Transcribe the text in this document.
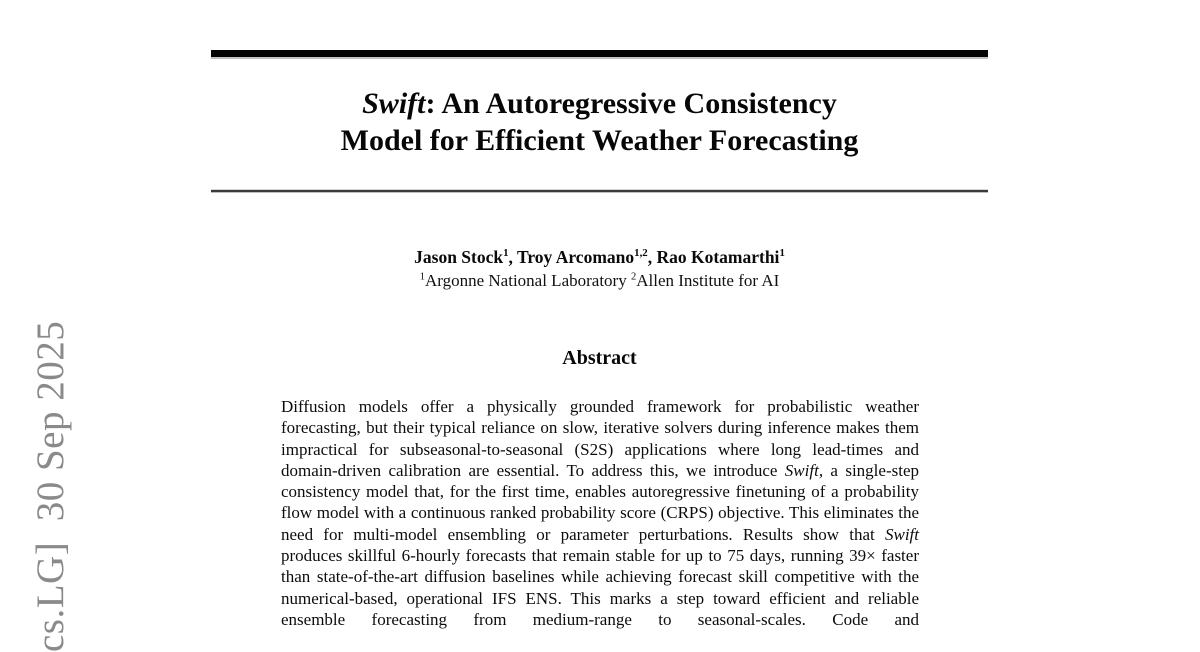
cs.LG]  30 Sep 2025
Swift: An Autoregressive Consistency
Model for Efficient Weather Forecasting
Jason Stock$^1$, Troy Arcomano$^{1,2}$, Rao Kotamarthi$^1$
$^1$Argonne National Laboratory $^2$Allen Institute for AI
Abstract
Diffusion models offer a physically grounded framework for probabilistic weather forecasting, but their typical reliance on slow, iterative solvers during inference makes them impractical for subseasonal-to-seasonal (S2S) applications where long lead-times and domain-driven calibration are essential. To address this, we introduce Swift, a single-step consistency model that, for the first time, enables autoregressive finetuning of a probability flow model with a continuous ranked probability score (CRPS) objective. This eliminates the need for multi-model ensembling or parameter perturbations. Results show that Swift produces skillful 6-hourly forecasts that remain stable for up to 75 days, running 39× faster than state-of-the-art diffusion baselines while achieving forecast skill competitive with the numerical-based, operational IFS ENS. This marks a step toward efficient and reliable ensemble forecasting from medium-range to seasonal-scales. Code and
